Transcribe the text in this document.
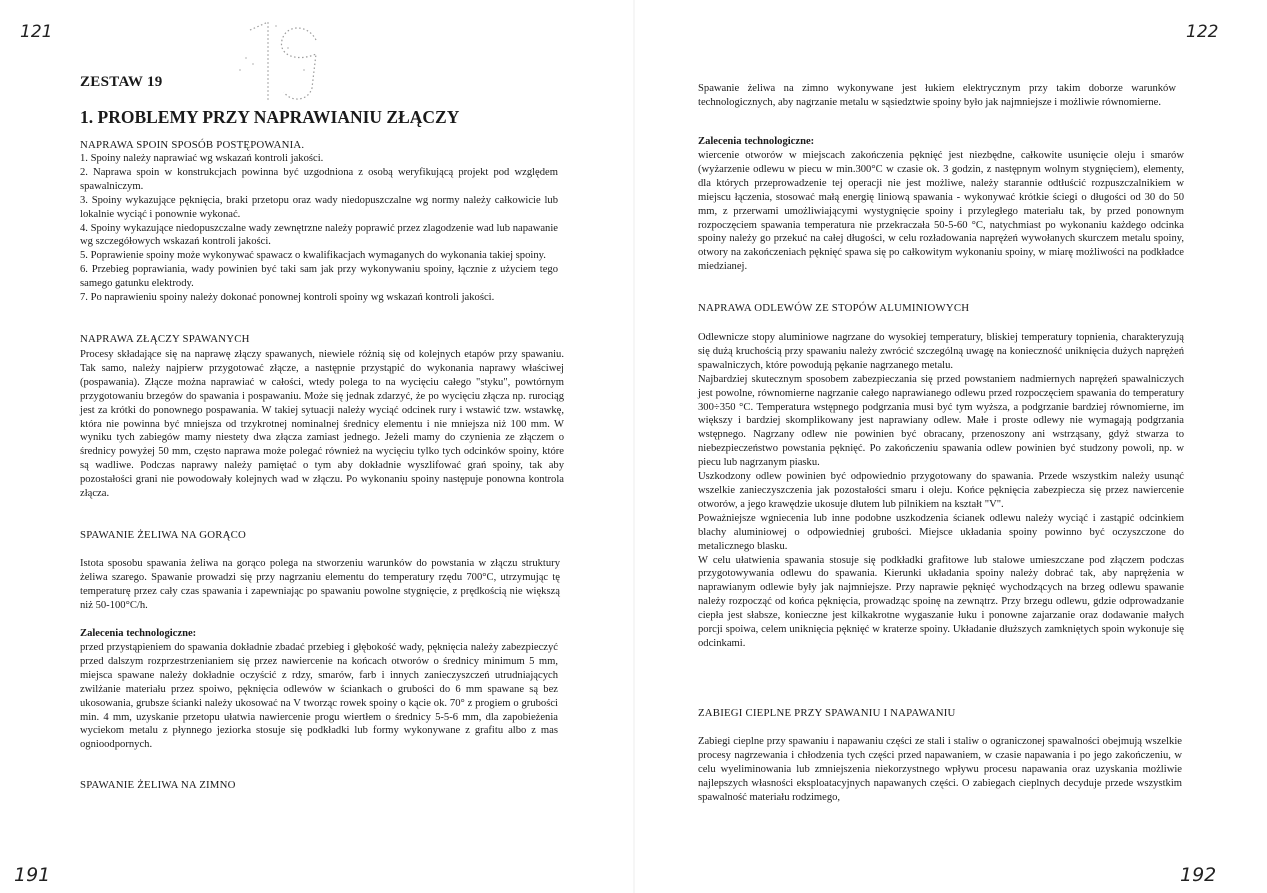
121	122
191	192
19
ZESTAW 19
1. PROBLEMY PRZY NAPRAWIANIU ZŁĄCZY
NAPRAWA SPOIN SPOSÓB POSTĘPOWANIA.

1. Spoiny należy naprawiać wg wskazań kontroli jakości.

2. Naprawa spoin w konstrukcjach powinna być uzgodniona z osobą weryfikującą projekt pod względem spawalniczym.

3. Spoiny wykazujące pęknięcia, braki przetopu oraz wady niedopuszczalne wg normy należy całkowicie lub lokalnie wyciąć i ponownie wykonać.

4. Spoiny wykazujące niedopuszczalne wady zewnętrzne należy poprawić przez zlagodzenie wad lub napawanie wg szczegółowych wskazań kontroli jakości.

5. Poprawienie spoiny może wykonywać spawacz o kwalifikacjach wymaganych do wykonania takiej spoiny.

6. Przebieg poprawiania, wady powinien być taki sam jak przy wykonywaniu spoiny, łącznie z użyciem tego samego gatunku elektrody.

7. Po naprawieniu spoiny należy dokonać ponownej kontroli spoiny wg wskazań kontroli jakości.

NAPRAWA ZŁĄCZY SPAWANYCH

Procesy składające się na naprawę złączy spawanych, niewiele różnią się od kolejnych etapów przy spawaniu. Tak samo, należy najpierw przygotować złącze, a następnie przystąpić do wykonania naprawy właściwej (pospawania). Złącze można naprawiać w całości, wtedy polega to na wycięciu całego "styku", powtórnym przygotowaniu brzegów do spawania i pospawaniu. Może się jednak zdarzyć, że po wycięciu złącza np. rurociąg jest za krótki do ponownego pospawania. W takiej sytuacji należy wyciąć odcinek rury i wstawić tzw. wstawkę, która nie powinna być mniejsza od trzykrotnej nominalnej średnicy elementu i nie mniejsza niż 100 mm. W wyniku tych zabiegów mamy niestety dwa złącza zamiast jednego. Jeżeli mamy do czynienia ze złączem o średnicy powyżej 50 mm, często naprawa może polegać również na wycięciu tylko tych odcinków spoiny, które są wadliwe. Podczas naprawy należy pamiętać o tym aby dokładnie wyszlifować grań spoiny, tak aby pozostałości grani nie powodowały kolejnych wad w złączu. Po wykonaniu spoiny następuje ponowna kontrola złącza.

SPAWANIE ŻELIWA NA GORĄCO

Istota sposobu spawania żeliwa na gorąco polega na stworzeniu warunków do powstania w złączu struktury żeliwa szarego. Spawanie prowadzi się przy nagrzaniu elementu do temperatury rzędu 700°C, utrzymując tę temperaturę przez cały czas spawania i zapewniając po spawaniu powolne stygnięcie, z prędkością nie większą niż 50-100°C/h.

Zalecenia technologiczne:

przed przystąpieniem do spawania dokładnie zbadać przebieg i głębokość wady, pęknięcia należy zabezpieczyć przed dalszym rozprzestrzenianiem się przez nawiercenie na końcach otworów o średnicy minimum 5 mm, miejsca spawane należy dokładnie oczyścić z rdzy, smarów, farb i innych zanieczyszczeń utrudniających zwilżanie materiału przez spoiwo, pęknięcia odlewów w ściankach o grubości do 6 mm spawane są bez ukosowania, grubsze ścianki należy ukosować na V tworząc rowek spoiny o kącie ok. 70° z progiem o grubości min. 4 mm, uzyskanie przetopu ułatwia nawiercenie progu wiertłem o średnicy 5-5-6 mm, dla zapobieżenia wyciekom metalu z płynnego jeziorka stosuje się podkładki lub formy wykonywane z grafitu albo z mas ognioodpornych.

SPAWANIE ŻELIWA NA ZIMNO

Spawanie żeliwa na zimno wykonywane jest łukiem elektrycznym przy takim doborze warunków technologicznych, aby nagrzanie metalu w sąsiedztwie spoiny było jak najmniejsze i możliwie równomierne.

Zalecenia technologiczne:

wiercenie otworów w miejscach zakończenia pęknięć jest niezbędne, całkowite usunięcie oleju i smarów (wyżarzenie odlewu w piecu w min.300°C w czasie ok. 3 godzin, z następnym wolnym stygnięciem), elementy, dla których przeprowadzenie tej operacji nie jest możliwe, należy starannie odtłuścić rozpuszczalnikiem w miejscu łączenia, stosować małą energię liniową spawania - wykonywać krótkie ściegi o długości od 30 do 50 mm, z przerwami umożliwiającymi wystygnięcie spoiny i przyległego materiału tak, by przed ponownym rozpoczęciem spawania temperatura nie przekraczała 50-5-60 °C, natychmiast po wykonaniu każdego odcinka spoiny należy go przekuć na całej długości, w celu rozładowania naprężeń wywołanych skurczem metalu spoiny, otwory na zakończeniach pęknięć spawa się po całkowitym wykonaniu spoiny, w miarę możliwości na podkładce miedzianej.

NAPRAWA ODLEWÓW ZE STOPÓW ALUMINIOWYCH

Odlewnicze stopy aluminiowe nagrzane do wysokiej temperatury, bliskiej temperatury topnienia, charakteryzują się dużą kruchością przy spawaniu należy zwrócić szczególną uwagę na konieczność uniknięcia dużych naprężeń spawalniczych, które powodują pękanie nagrzanego metalu.

Najbardziej skutecznym sposobem zabezpieczania się przed powstaniem nadmiernych naprężeń spawalniczych jest powolne, równomierne nagrzanie całego naprawianego odlewu przed rozpoczęciem spawania do temperatury 300÷350 °C. Temperatura wstępnego podgrzania musi być tym wyższa, a podgrzanie bardziej równomierne, im większy i bardziej skomplikowany jest naprawiany odlew. Małe i proste odlewy nie wymagają podgrzania wstępnego. Nagrzany odlew nie powinien być obracany, przenoszony ani wstrząsany, gdyż stwarza to niebezpieczeństwo powstania pęknięć. Po zakończeniu spawania odlew powinien być studzony powoli, np. w piecu lub nagrzanym piasku.

Uszkodzony odlew powinien być odpowiednio przygotowany do spawania. Przede wszystkim należy usunąć wszelkie zanieczyszczenia jak pozostałości smaru i oleju. Końce pęknięcia zabezpiecza się przez nawiercenie otworów, a jego krawędzie ukosuje dłutem lub pilnikiem na kształt "V".

Poważniejsze wgniecenia lub inne podobne uszkodzenia ścianek odlewu należy wyciąć i zastąpić odcinkiem blachy aluminiowej o odpowiedniej grubości. Miejsce układania spoiny powinno być oczyszczone do metalicznego blasku.

W celu ułatwienia spawania stosuje się podkładki grafitowe lub stalowe umieszczane pod złączem podczas przygotowywania odlewu do spawania. Kierunki układania spoiny należy dobrać tak, aby naprężenia w naprawianym odlewie były jak najmniejsze. Przy naprawie pęknięć wychodzących na brzeg odlewu spawanie należy rozpocząć od końca pęknięcia, prowadząc spoinę na zewnątrz. Przy brzegu odlewu, gdzie odprowadzanie ciepła jest słabsze, konieczne jest kilkakrotne wygaszanie łuku i ponowne zajarzanie oraz dodawanie małych porcji spoiwa, celem uniknięcia pęknięć w kraterze spoiny. Układanie dłuższych zamkniętych spoin wykonuje się odcinkami.

ZABIEGI CIEPLNE PRZY SPAWANIU I NAPAWANIU

Zabiegi cieplne przy spawaniu i napawaniu części ze stali i staliw o ograniczonej spawalności obejmują wszelkie procesy nagrzewania i chłodzenia tych części przed napawaniem, w czasie napawania i po jego zakończeniu, w celu wyeliminowania lub zmniejszenia niekorzystnego wpływu procesu napawania oraz uzyskania możliwie najlepszych własności eksploatacyjnych napawanych części. O zabiegach cieplnych decyduje przede wszystkim spawalność materiału rodzimego,
